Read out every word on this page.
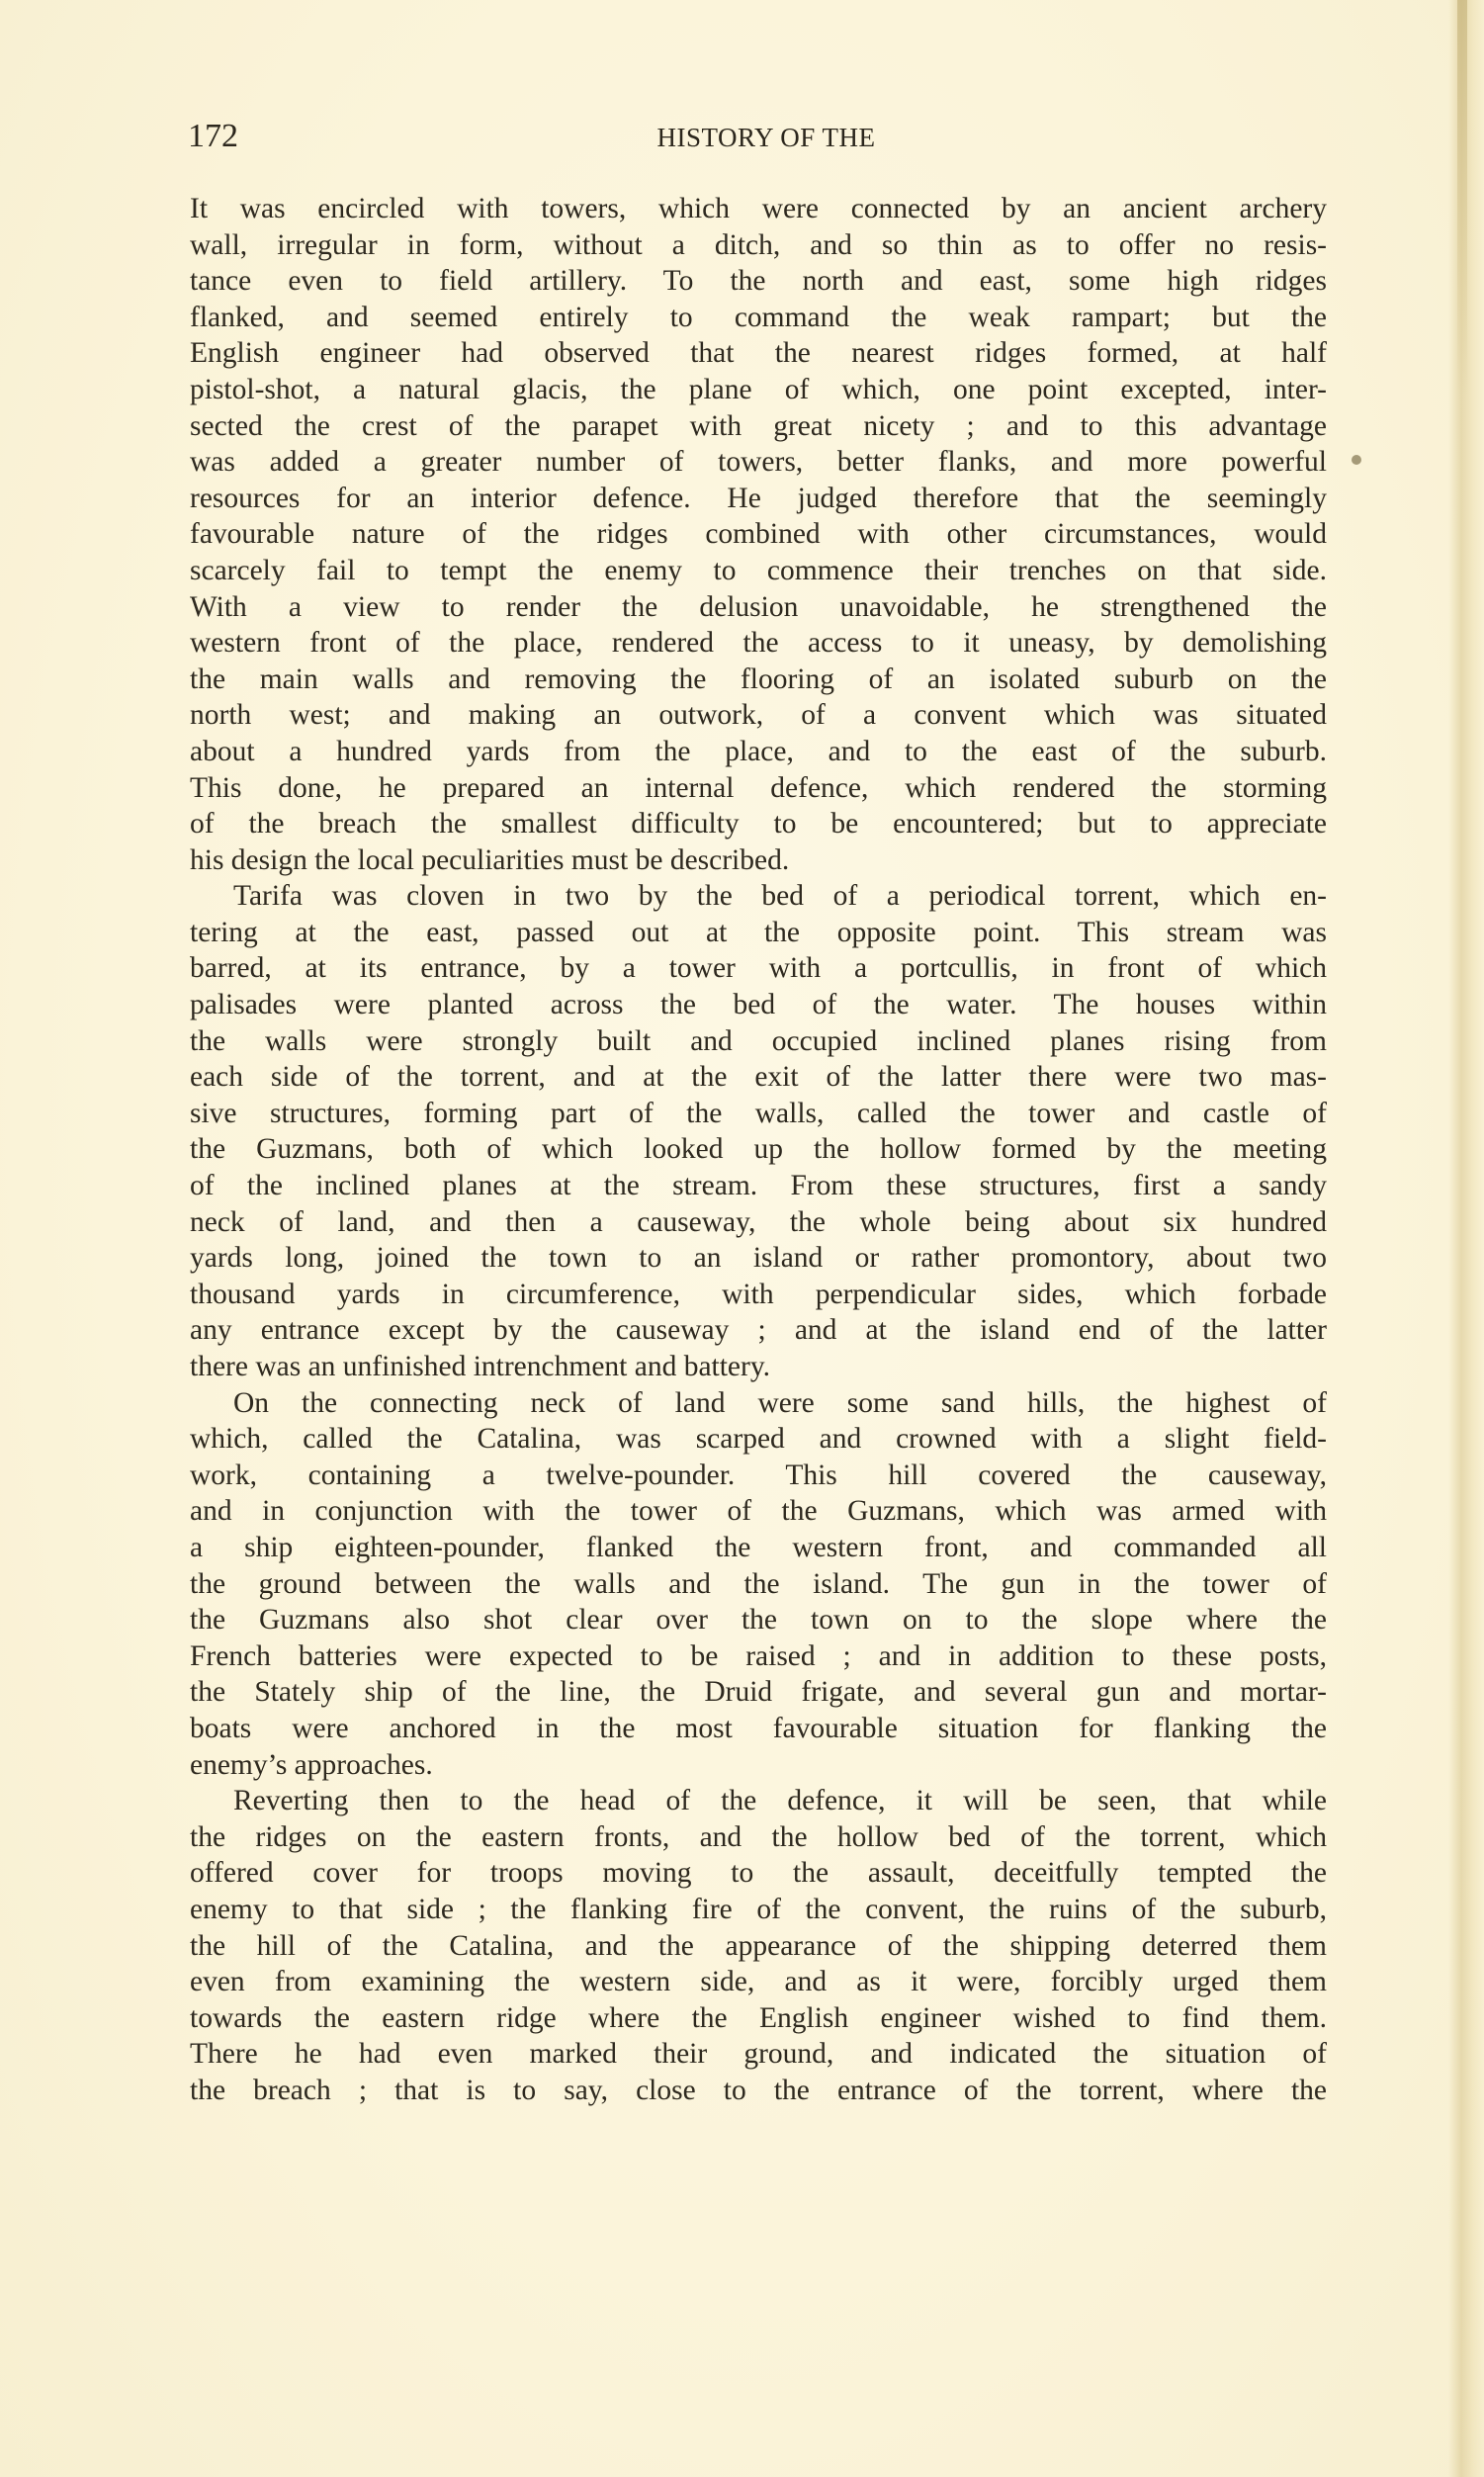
172	HISTORY OF THE
It was encircled with towers, which were connected by an ancient archery
wall, irregular in form, without a ditch, and so thin as to offer no resis-
tance even to field artillery. To the north and east, some high ridges
flanked, and seemed entirely to command the weak rampart; but the
English engineer had observed that the nearest ridges formed, at half
pistol-shot, a natural glacis, the plane of which, one point excepted, inter-
sected the crest of the parapet with great nicety ; and to this advantage
was added a greater number of towers, better flanks, and more powerful
resources for an interior defence. He judged therefore that the seemingly
favourable nature of the ridges combined with other circumstances, would
scarcely fail to tempt the enemy to commence their trenches on that side.
With a view to render the delusion unavoidable, he strengthened the
western front of the place, rendered the access to it uneasy, by demolishing
the main walls and removing the flooring of an isolated suburb on the
north west; and making an outwork, of a convent which was situated
about a hundred yards from the place, and to the east of the suburb.
This done, he prepared an internal defence, which rendered the storming
of the breach the smallest difficulty to be encountered; but to appreciate
his design the local peculiarities must be described.
Tarifa was cloven in two by the bed of a periodical torrent, which en-
tering at the east, passed out at the opposite point. This stream was
barred, at its entrance, by a tower with a portcullis, in front of which
palisades were planted across the bed of the water. The houses within
the walls were strongly built and occupied inclined planes rising from
each side of the torrent, and at the exit of the latter there were two mas-
sive structures, forming part of the walls, called the tower and castle of
the Guzmans, both of which looked up the hollow formed by the meeting
of the inclined planes at the stream. From these structures, first a sandy
neck of land, and then a causeway, the whole being about six hundred
yards long, joined the town to an island or rather promontory, about two
thousand yards in circumference, with perpendicular sides, which forbade
any entrance except by the causeway ; and at the island end of the latter
there was an unfinished intrenchment and battery.
On the connecting neck of land were some sand hills, the highest of
which, called the Catalina, was scarped and crowned with a slight field-
work, containing a twelve-pounder. This hill covered the causeway,
and in conjunction with the tower of the Guzmans, which was armed with
a ship eighteen-pounder, flanked the western front, and commanded all
the ground between the walls and the island. The gun in the tower of
the Guzmans also shot clear over the town on to the slope where the
French batteries were expected to be raised ; and in addition to these posts,
the Stately ship of the line, the Druid frigate, and several gun and mortar-
boats were anchored in the most favourable situation for flanking the
enemy’s approaches.
Reverting then to the head of the defence, it will be seen, that while
the ridges on the eastern fronts, and the hollow bed of the torrent, which
offered cover for troops moving to the assault, deceitfully tempted the
enemy to that side ; the flanking fire of the convent, the ruins of the suburb,
the hill of the Catalina, and the appearance of the shipping deterred them
even from examining the western side, and as it were, forcibly urged them
towards the eastern ridge where the English engineer wished to find them.
There he had even marked their ground, and indicated the situation of
the breach ; that is to say, close to the entrance of the torrent, where the
